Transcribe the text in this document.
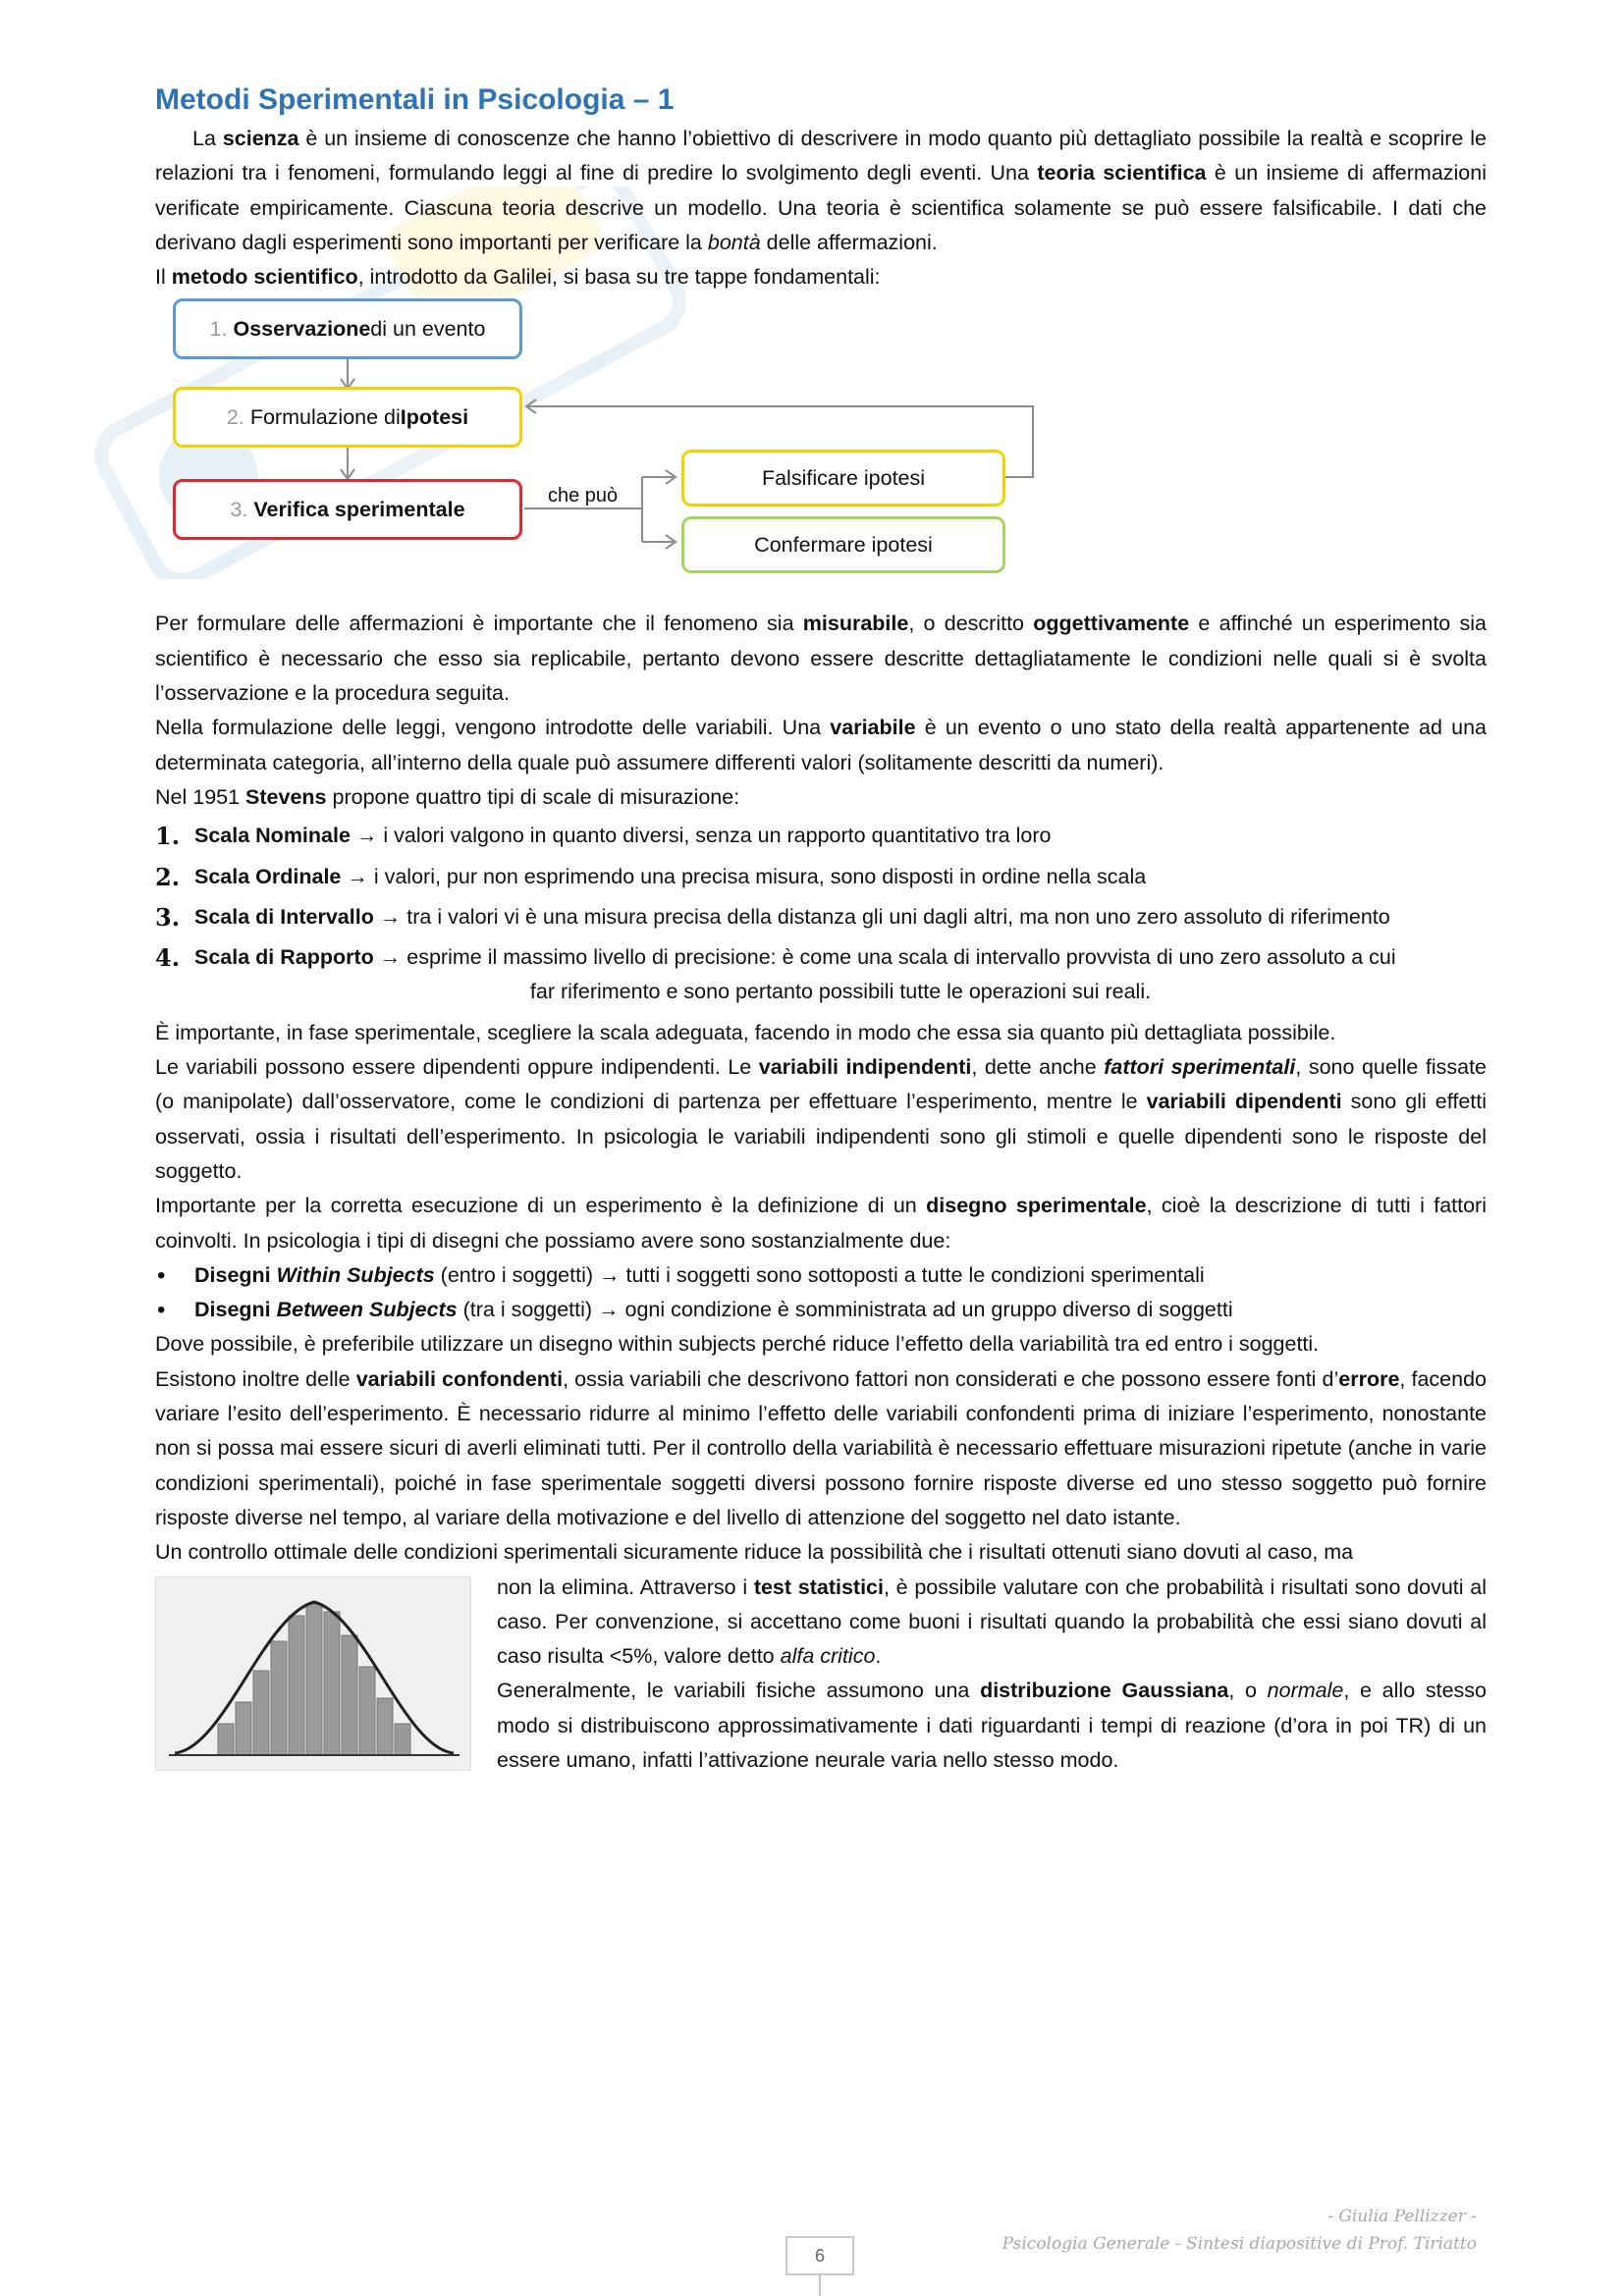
Metodi Sperimentali in Psicologia – 1

La scienza è un insieme di conoscenze che hanno l’obiettivo di descrivere in modo quanto più dettagliato possibile la realtà e scoprire le relazioni tra i fenomeni, formulando leggi al fine di predire lo svolgimento degli eventi. Una teoria scientifica è un insieme di affermazioni verificate empiricamente. Ciascuna teoria descrive un modello. Una teoria è scientifica solamente se può essere falsificabile. I dati che derivano dagli esperimenti sono importanti per verificare la bontà delle affermazioni.

Il metodo scientifico, introdotto da Galilei, si basa su tre tappe fondamentali:

1. Osservazione di un evento
2. Formulazione di Ipotesi
3. Verifica sperimentale
che può
Falsificare ipotesi
Confermare ipotesi

Per formulare delle affermazioni è importante che il fenomeno sia misurabile, o descritto oggettivamente e affinché un esperimento sia scientifico è necessario che esso sia replicabile, pertanto devono essere descritte dettagliatamente le condizioni nelle quali si è svolta l’osservazione e la procedura seguita.

Nella formulazione delle leggi, vengono introdotte delle variabili. Una variabile è un evento o uno stato della realtà appartenente ad una determinata categoria, all’interno della quale può assumere differenti valori (solitamente descritti da numeri).

Nel 1951 Stevens propone quattro tipi di scale di misurazione:

1. Scala Nominale → i valori valgono in quanto diversi, senza un rapporto quantitativo tra loro
2. Scala Ordinale → i valori, pur non esprimendo una precisa misura, sono disposti in ordine nella scala
3. Scala di Intervallo → tra i valori vi è una misura precisa della distanza gli uni dagli altri, ma non uno zero assoluto di riferimento
4. Scala di Rapporto → esprime il massimo livello di precisione: è come una scala di intervallo provvista di uno zero assoluto a cui
far riferimento e sono pertanto possibili tutte le operazioni sui reali.

È importante, in fase sperimentale, scegliere la scala adeguata, facendo in modo che essa sia quanto più dettagliata possibile.

Le variabili possono essere dipendenti oppure indipendenti. Le variabili indipendenti, dette anche fattori sperimentali, sono quelle fissate (o manipolate) dall’osservatore, come le condizioni di partenza per effettuare l’esperimento, mentre le variabili dipendenti sono gli effetti osservati, ossia i risultati dell’esperimento. In psicologia le variabili indipendenti sono gli stimoli e quelle dipendenti sono le risposte del soggetto.

Importante per la corretta esecuzione di un esperimento è la definizione di un disegno sperimentale, cioè la descrizione di tutti i fattori coinvolti. In psicologia i tipi di disegni che possiamo avere sono sostanzialmente due:

• Disegni Within Subjects (entro i soggetti) → tutti i soggetti sono sottoposti a tutte le condizioni sperimentali
• Disegni Between Subjects (tra i soggetti) → ogni condizione è somministrata ad un gruppo diverso di soggetti

Dove possibile, è preferibile utilizzare un disegno within subjects perché riduce l’effetto della variabilità tra ed entro i soggetti.

Esistono inoltre delle variabili confondenti, ossia variabili che descrivono fattori non considerati e che possono essere fonti d’errore, facendo variare l’esito dell’esperimento. È necessario ridurre al minimo l’effetto delle variabili confondenti prima di iniziare l’esperimento, nonostante non si possa mai essere sicuri di averli eliminati tutti. Per il controllo della variabilità è necessario effettuare misurazioni ripetute (anche in varie condizioni sperimentali), poiché in fase sperimentale soggetti diversi possono fornire risposte diverse ed uno stesso soggetto può fornire risposte diverse nel tempo, al variare della motivazione e del livello di attenzione del soggetto nel dato istante.

Un controllo ottimale delle condizioni sperimentali sicuramente riduce la possibilità che i risultati ottenuti siano dovuti al caso, ma

non la elimina. Attraverso i test statistici, è possibile valutare con che probabilità i risultati sono dovuti al caso. Per convenzione, si accettano come buoni i risultati quando la probabilità che essi siano dovuti al caso risulta <5%, valore detto alfa critico.

Generalmente, le variabili fisiche assumono una distribuzione Gaussiana, o normale, e allo stesso modo si distribuiscono approssimativamente i dati riguardanti i tempi di reazione (d’ora in poi TR) di un essere umano, infatti l’attivazione neurale varia nello stesso modo.

- Giulia Pellizzer -
Psicologia Generale - Sintesi diapositive di Prof. Tiriatto
6
